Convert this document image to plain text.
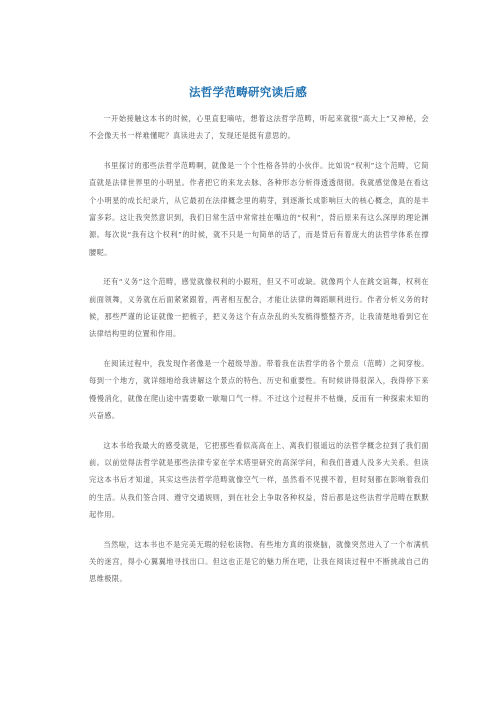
法哲学范畴研究读后感

一开始接触这本书的时候，心里直犯嘀咕，想着这法哲学范畴，听起来就很“高大上”又神秘，会不会像天书一样难懂呢？真读进去了，发现还是挺有意思的。

书里探讨的那些法哲学范畴啊，就像是一个个性格各异的小伙伴。比如说“权利”这个范畴，它简直就是法律世界里的小明星。作者把它的来龙去脉、各种形态分析得透透彻彻。我就感觉像是在看这个小明星的成长纪录片，从它最初在法律概念里的萌芽，到逐渐长成影响巨大的核心概念，真的是丰富多彩。这让我突然意识到，我们日常生活中常常挂在嘴边的“权利”，背后原来有这么深厚的理论渊源。每次说“我有这个权利”的时候，就不只是一句简单的话了，而是背后有着庞大的法哲学体系在撑腰呢。

还有“义务”这个范畴，感觉就像权利的小跟班，但又不可或缺。就像两个人在跳交谊舞，权利在前面领舞，义务就在后面紧紧跟着，两者相互配合，才能让法律的舞蹈顺利进行。作者分析义务的时候，那些严谨的论证就像一把梳子，把义务这个有点杂乱的头发梳得整整齐齐，让我清楚地看到它在法律结构里的位置和作用。

在阅读过程中，我发现作者像是一个超级导游。带着我在法哲学的各个景点（范畴）之间穿梭。每到一个地方，就详细地给我讲解这个景点的特色、历史和重要性。有时候讲得很深入，我得停下来慢慢消化，就像在爬山途中需要歇一歇喘口气一样。不过这个过程并不枯燥，反而有一种探索未知的兴奋感。

这本书给我最大的感受就是，它把那些看似高高在上、离我们很遥远的法哲学概念拉到了我们面前。以前觉得法哲学就是那些法律专家在学术塔里研究的高深学问，和我们普通人没多大关系。但读完这本书后才知道，其实这些法哲学范畴就像空气一样，虽然看不见摸不着，但时刻都在影响着我们的生活。从我们签合同、遵守交通规则，到在社会上争取各种权益，背后都是这些法哲学范畴在默默起作用。

当然啦，这本书也不是完美无瑕的轻松读物。有些地方真的很烧脑，就像突然进入了一个布满机关的迷宫，得小心翼翼地寻找出口。但这也正是它的魅力所在吧，让我在阅读过程中不断挑战自己的思维极限。
